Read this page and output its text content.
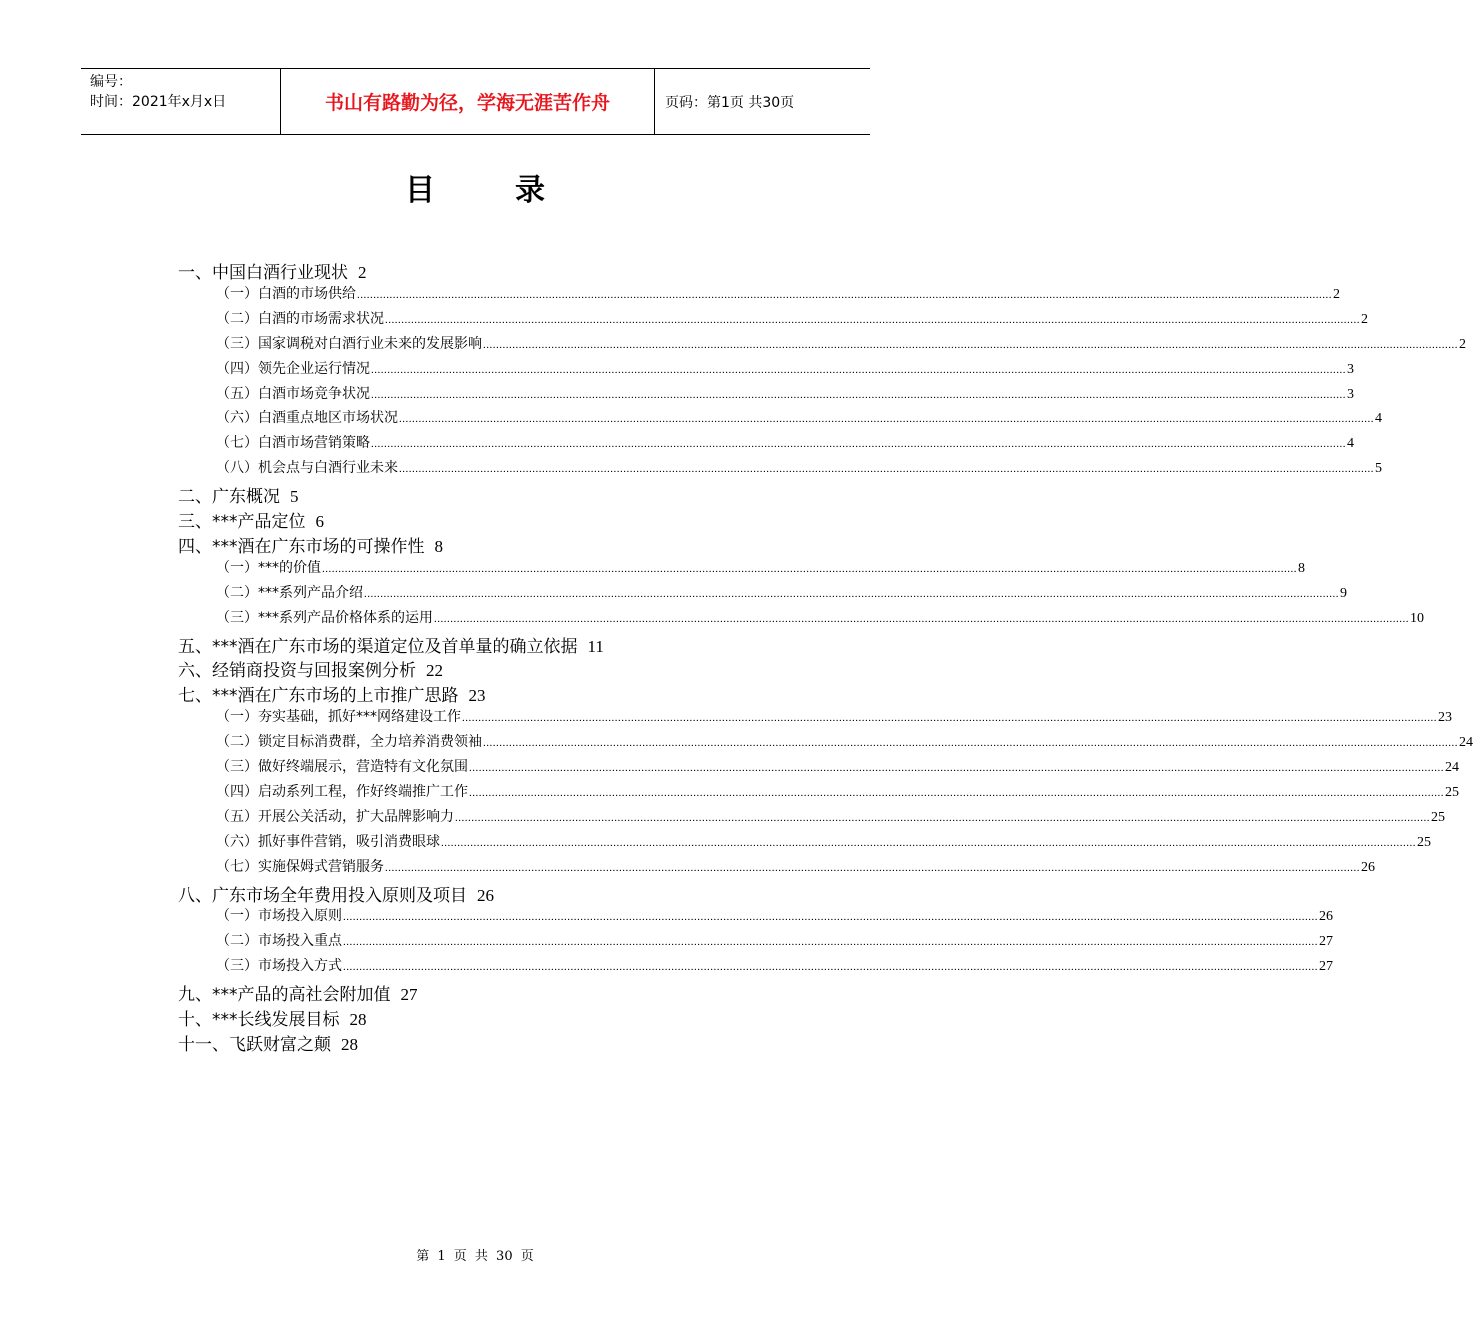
编号：
时间：2021年x月x日	书山有路勤为径，学海无涯苦作舟	页码：第1页 共30页
目录
一、中国白酒行业现状 2
（一）白酒的市场供给 ............................................................................................................................................................................................................................................................................................................ 2
（二）白酒的市场需求状况 ............................................................................................................................................................................................................................................................................................................ 2
（三）国家调税对白酒行业未来的发展影响 ............................................................................................................................................................................................................................................................................................................ 2
（四）领先企业运行情况 ............................................................................................................................................................................................................................................................................................................ 3
（五）白酒市场竞争状况 ............................................................................................................................................................................................................................................................................................................ 3
（六）白酒重点地区市场状况 ............................................................................................................................................................................................................................................................................................................ 4
（七）白酒市场营销策略 ............................................................................................................................................................................................................................................................................................................ 4
（八）机会点与白酒行业未来 ............................................................................................................................................................................................................................................................................................................ 5
二、广东概况 5
三、***产品定位 6
四、***酒在广东市场的可操作性 8
（一）***的价值 ............................................................................................................................................................................................................................................................................................................ 8
（二）***系列产品介绍 ............................................................................................................................................................................................................................................................................................................ 9
（三）***系列产品价格体系的运用 ............................................................................................................................................................................................................................................................................................................ 10
五、***酒在广东市场的渠道定位及首单量的确立依据 11
六、经销商投资与回报案例分析 22
七、***酒在广东市场的上市推广思路 23
（一）夯实基础，抓好***网络建设工作 ............................................................................................................................................................................................................................................................................................................ 23
（二）锁定目标消费群，全力培养消费领袖 ............................................................................................................................................................................................................................................................................................................ 24
（三）做好终端展示，营造特有文化氛围 ............................................................................................................................................................................................................................................................................................................ 24
（四）启动系列工程，作好终端推广工作 ............................................................................................................................................................................................................................................................................................................ 25
（五）开展公关活动，扩大品牌影响力 ............................................................................................................................................................................................................................................................................................................ 25
（六）抓好事件营销，吸引消费眼球 ............................................................................................................................................................................................................................................................................................................ 25
（七）实施保姆式营销服务 ............................................................................................................................................................................................................................................................................................................ 26
八、广东市场全年费用投入原则及项目 26
（一）市场投入原则 ............................................................................................................................................................................................................................................................................................................ 26
（二）市场投入重点 ............................................................................................................................................................................................................................................................................................................ 27
（三）市场投入方式 ............................................................................................................................................................................................................................................................................................................ 27
九、***产品的高社会附加值 27
十、***长线发展目标 28
十一、飞跃财富之颠 28
第 1 页 共 30 页
